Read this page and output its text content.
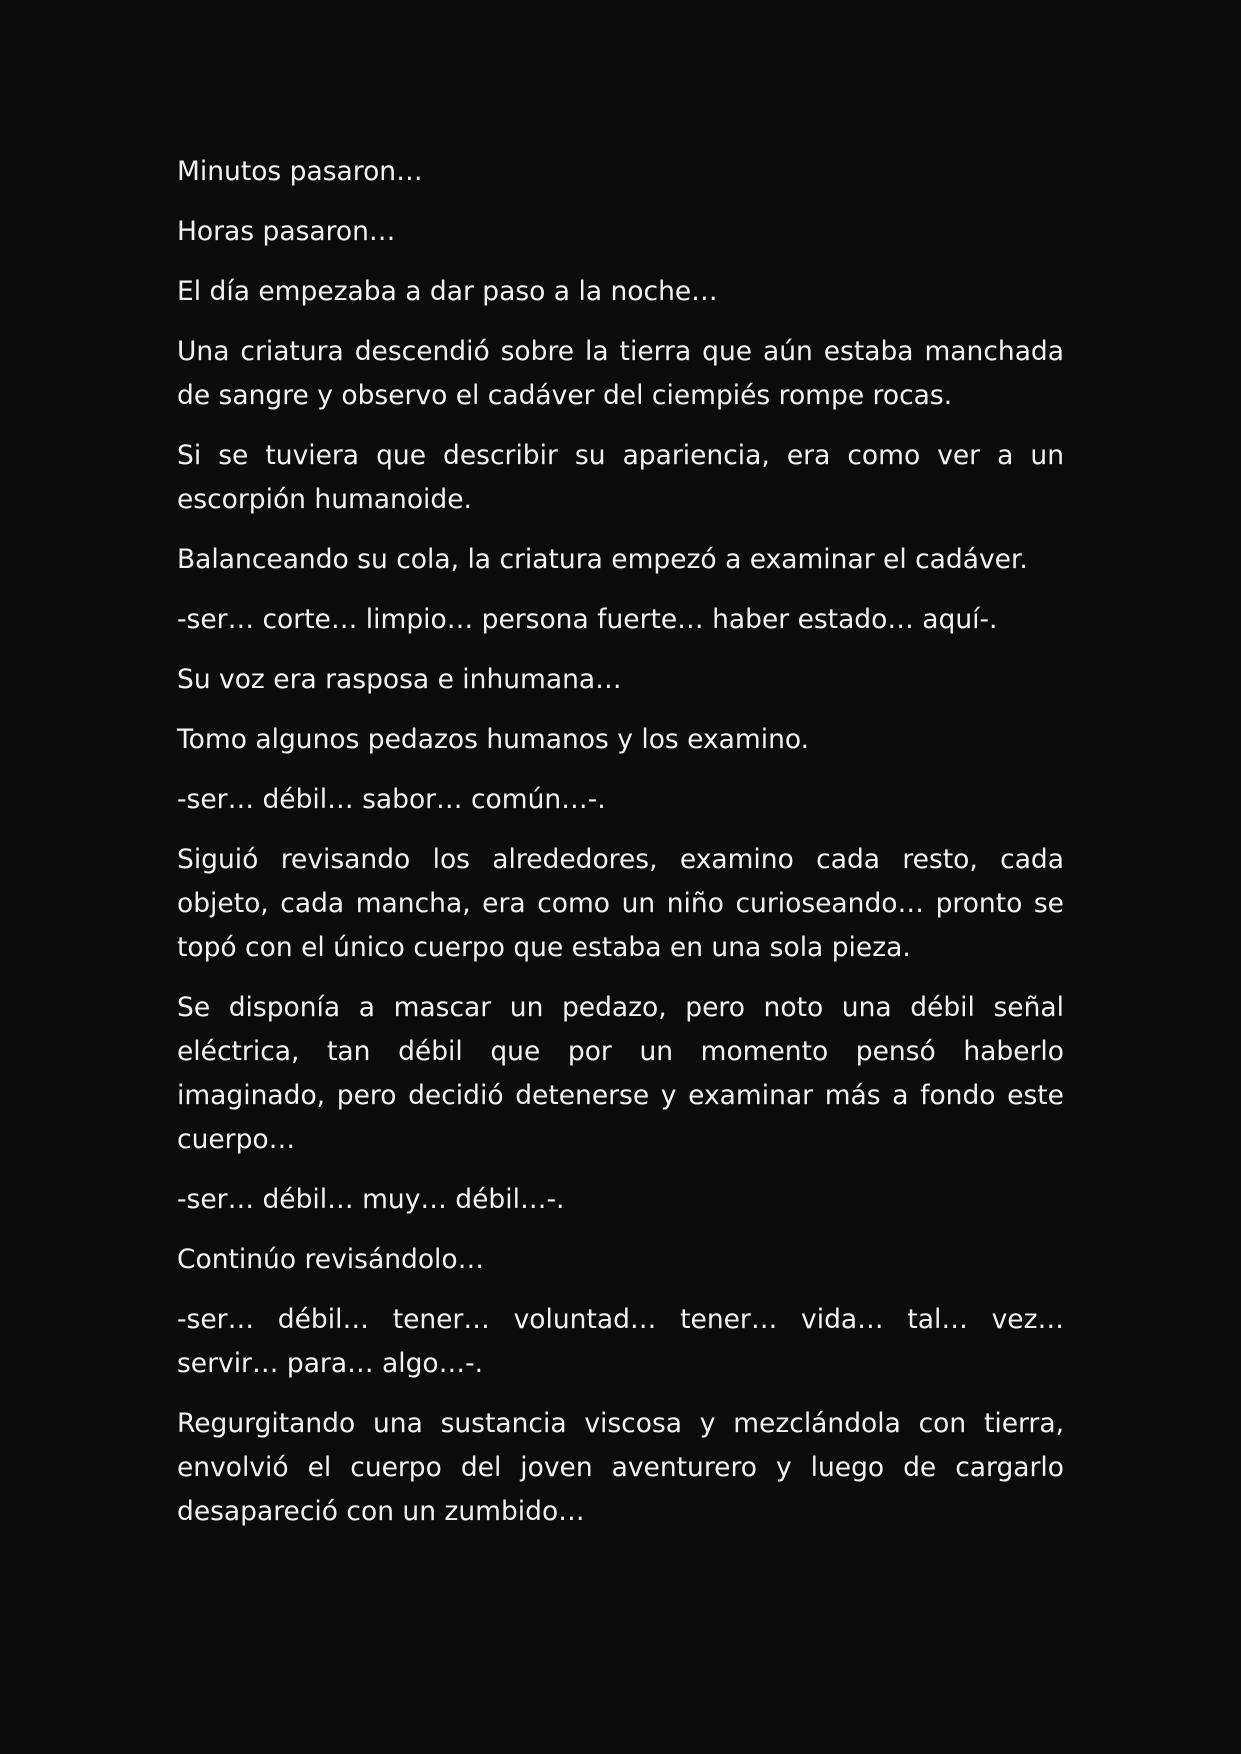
Minutos pasaron…

Horas pasaron…

El día empezaba a dar paso a la noche…

Una criatura descendió sobre la tierra que aún estaba manchada de sangre y observo el cadáver del ciempiés rompe rocas.

Si se tuviera que describir su apariencia, era como ver a un escorpión humanoide.

Balanceando su cola, la criatura empezó a examinar el cadáver.

-ser… corte… limpio… persona fuerte… haber estado… aquí-.

Su voz era rasposa e inhumana…

Tomo algunos pedazos humanos y los examino.

-ser… débil… sabor… común…-.

Siguió revisando los alrededores, examino cada resto, cada objeto, cada mancha, era como un niño curioseando… pronto se topó con el único cuerpo que estaba en una sola pieza.

Se disponía a mascar un pedazo, pero noto una débil señal eléctrica, tan débil que por un momento pensó haberlo imaginado, pero decidió detenerse y examinar más a fondo este cuerpo…

-ser… débil… muy… débil…-.

Continúo revisándolo…

-ser… débil… tener… voluntad… tener… vida… tal… vez… servir… para… algo…-.

Regurgitando una sustancia viscosa y mezclándola con tierra, envolvió el cuerpo del joven aventurero y luego de cargarlo desapareció con un zumbido…
